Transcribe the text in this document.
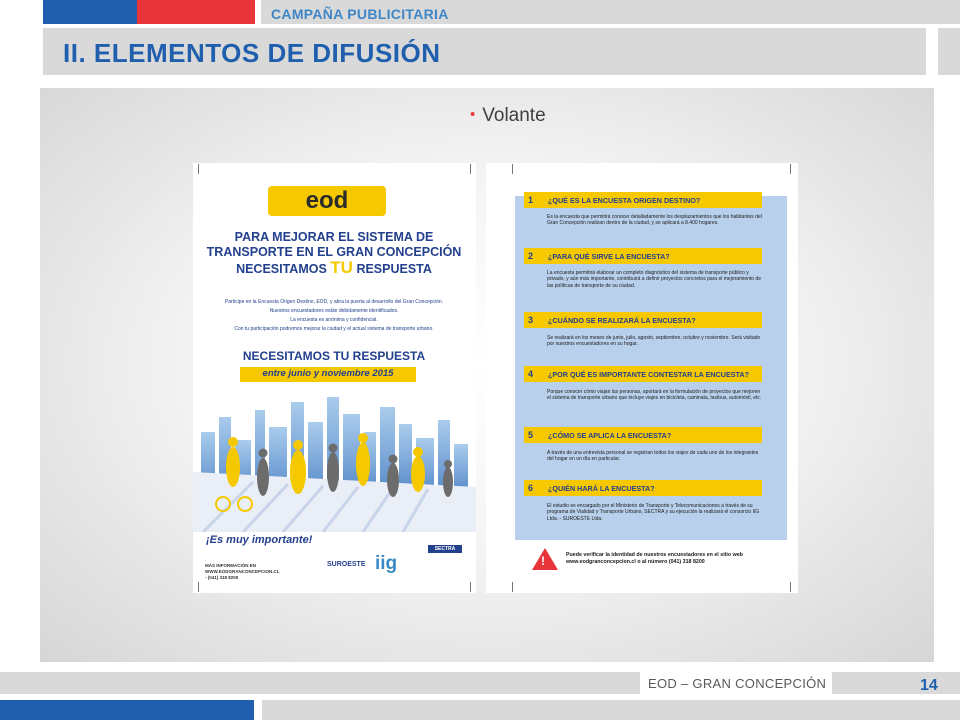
CAMPAÑA PUBLICITARIA
II. ELEMENTOS DE DIFUSIÓN
• Volante
eod
PARA MEJORAR EL SISTEMA DE
TRANSPORTE EN EL GRAN CONCEPCIÓN
NECESITAMOS TU RESPUESTA
Participe en la Encuesta Origen Destino, EOD, y abra la puerta al desarrollo del Gran Concepción.
Nuestros encuestadores están debidamente identificados.
La encuesta es anónima y confidencial.
Con tu participación podremos mejorar la ciudad y el actual sistema de transporte urbano.
NECESITAMOS TU RESPUESTA
entre junio y noviembre 2015
¡Es muy importante!
MÁS INFORMACIÓN EN
WWW.EODGRANCONCEPCION.CL - (041) 318 8200
SUROESTE iig
SECTRA
1 ¿QUÉ ES LA ENCUESTA ORIGEN DESTINO?
Es la encuesta que permitirá conocer detalladamente los desplazamientos que los habitantes del Gran Concepción realizan dentro de la ciudad, y se aplicará a 8.400 hogares.
2 ¿PARA QUÉ SIRVE LA ENCUESTA?
La encuesta permitirá elaborar un completo diagnóstico del sistema de transporte público y privado, y aún más importante, contribuirá a definir proyectos concretos para el mejoramiento de las políticas de transporte de su ciudad.
3 ¿CUÁNDO SE REALIZARÁ LA ENCUESTA?
Se realizará en los meses de junio, julio, agosto, septiembre, octubre y noviembre. Será visitado por nuestros encuestadores en su hogar.
4 ¿POR QUÉ ES IMPORTANTE CONTESTAR LA ENCUESTA?
Porque conocer cómo viajan las personas, aportará en la formulación de proyectos que mejoren el sistema de transporte urbano que incluye viajes en bicicleta, caminata, taxibus, automóvil, etc.
5 ¿CÓMO SE APLICA LA ENCUESTA?
A través de una entrevista personal se registran todos los viajes de cada uno de los integrantes del hogar en un día en particular.
6 ¿QUIÉN HARÁ LA ENCUESTA?
El estudio es encargado por el Ministerio de Transporte y Telecomunicaciones a través de su programa de Vialidad y Transporte Urbano, SECTRA y su ejecución la realizará el consorcio IIG Ltda. - SUROESTE Ltda.
!	Puede verificar la identidad de nuestros encuestadores en el sitio web www.eodgranconcepcion.cl o al número (041) 318 8200
EOD – GRAN CONCEPCIÓN	14
